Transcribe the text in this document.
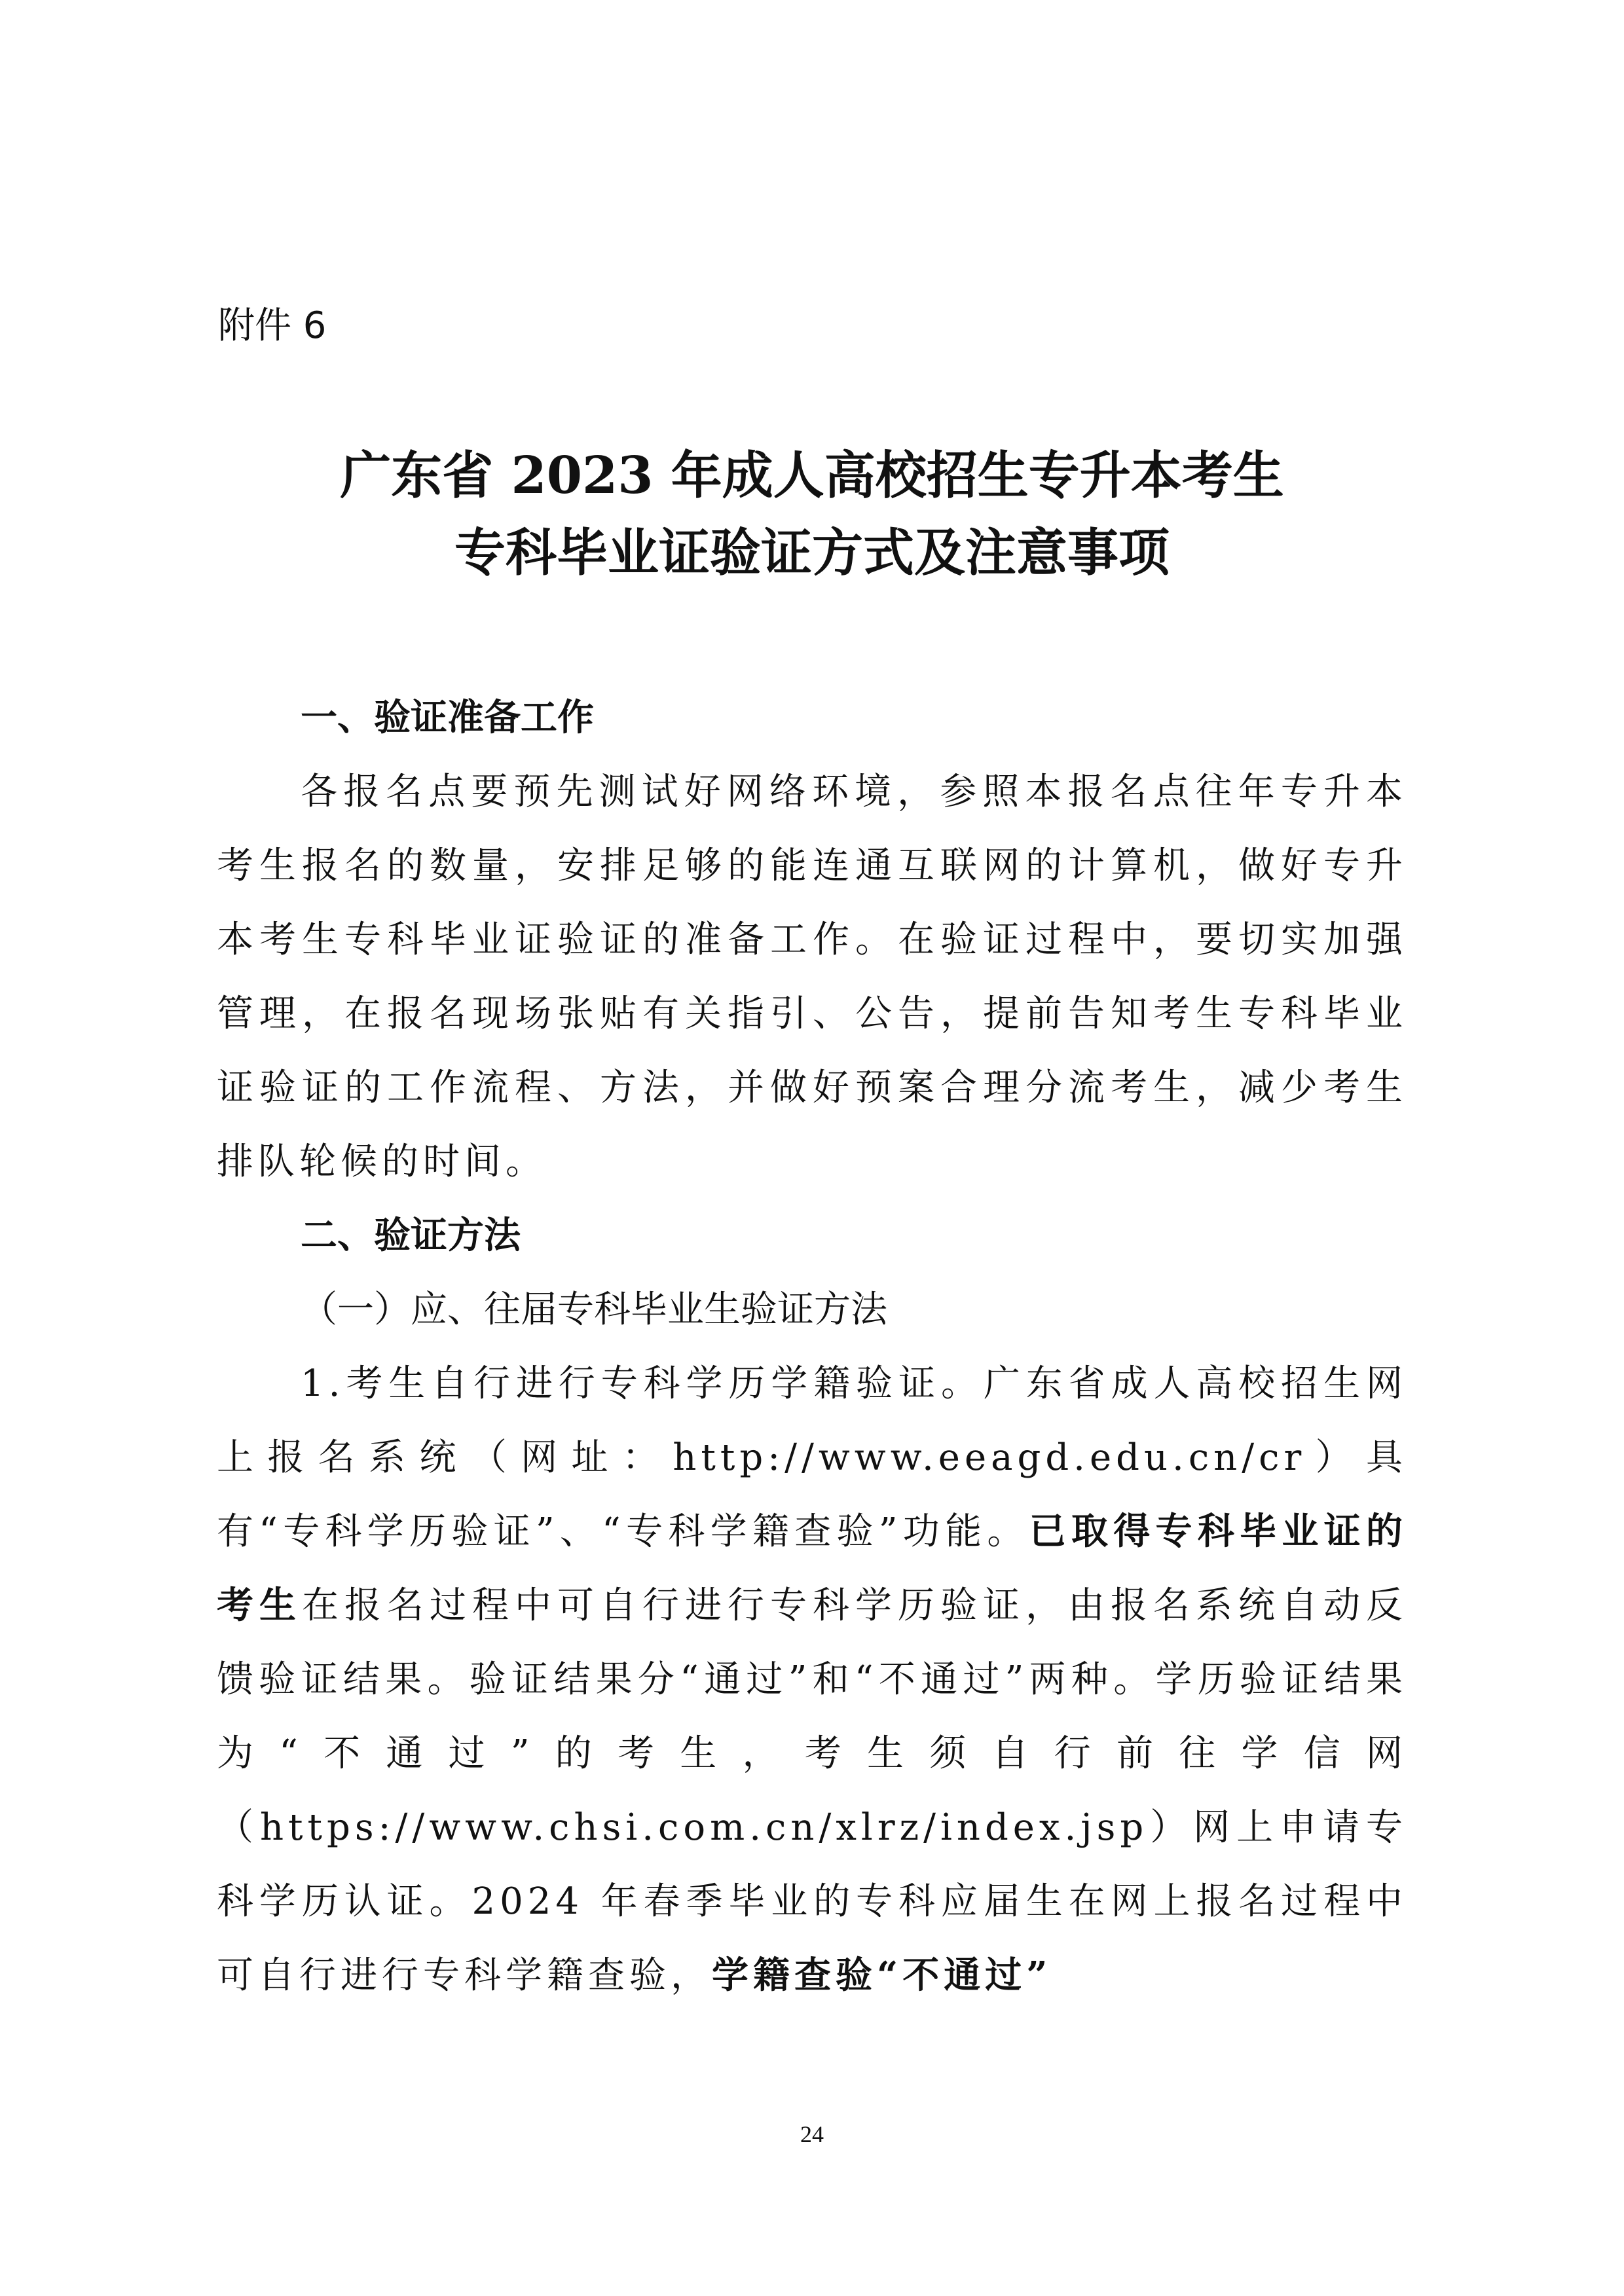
附件 6

广东省 2023 年成人高校招生专升本考生
专科毕业证验证方式及注意事项

一、验证准备工作

各报名点要预先测试好网络环境，参照本报名点往年专升本考生报名的数量，安排足够的能连通互联网的计算机，做好专升本考生专科毕业证验证的准备工作。在验证过程中，要切实加强管理，在报名现场张贴有关指引、公告，提前告知考生专科毕业证验证的工作流程、方法，并做好预案合理分流考生，减少考生排队轮候的时间。

二、验证方法

（一）应、往届专科毕业生验证方法

1.考生自行进行专科学历学籍验证。广东省成人高校招生网上报名系统（网址：http://www.eeagd.edu.cn/cr）具有“专科学历验证”、“专科学籍查验”功能。已取得专科毕业证的考生在报名过程中可自行进行专科学历验证，由报名系统自动反馈验证结果。验证结果分“通过”和“不通过”两种。学历验证结果为“不通过”的考生，考生须自行前往学信网（https://www.chsi.com.cn/xlrz/index.jsp）网上申请专科学历认证。2024 年春季毕业的专科应届生在网上报名过程中可自行进行专科学籍查验，学籍查验“不通过”

24
